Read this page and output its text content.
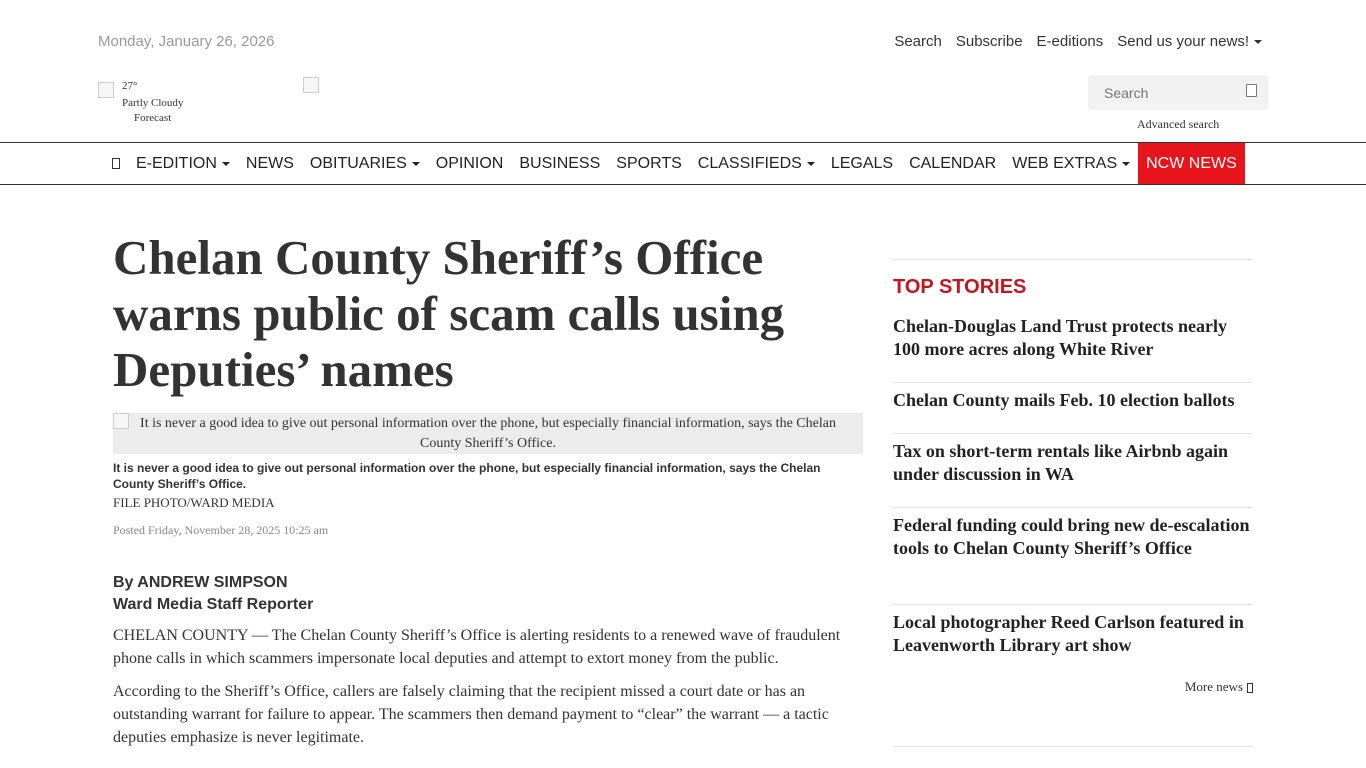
Monday, January 26, 2026	Search Subscribe E-editions Send us your news!
27°
Partly Cloudy
Forecast
Search	Advanced search
E-EDITION	NEWS	OBITUARIES	OPINION	BUSINESS	SPORTS	CLASSIFIEDS	LEGALS	CALENDAR	WEB EXTRAS	NCW NEWS
Chelan County Sheriff’s Office warns public of scam calls using Deputies’ names
It is never a good idea to give out personal information over the phone, but especially financial information, says the Chelan County Sheriff’s Office.
It is never a good idea to give out personal information over the phone, but especially financial information, says the Chelan County Sheriff’s Office.
FILE PHOTO/WARD MEDIA
Posted Friday, November 28, 2025 10:25 am
By ANDREW SIMPSON
Ward Media Staff Reporter

CHELAN COUNTY — The Chelan County Sheriff’s Office is alerting residents to a renewed wave of fraudulent phone calls in which scammers impersonate local deputies and attempt to extort money from the public.

According to the Sheriff’s Office, callers are falsely claiming that the recipient missed a court date or has an outstanding warrant for failure to appear. The scammers then demand payment to “clear” the warrant — a tactic deputies emphasize is never legitimate.

TOP STORIES
Chelan-Douglas Land Trust protects nearly 100 more acres along White River
Chelan County mails Feb. 10 election ballots
Tax on short-term rentals like Airbnb again under discussion in WA
Federal funding could bring new de-escalation tools to Chelan County Sheriff’s Office
Local photographer Reed Carlson featured in Leavenworth Library art show
More news
